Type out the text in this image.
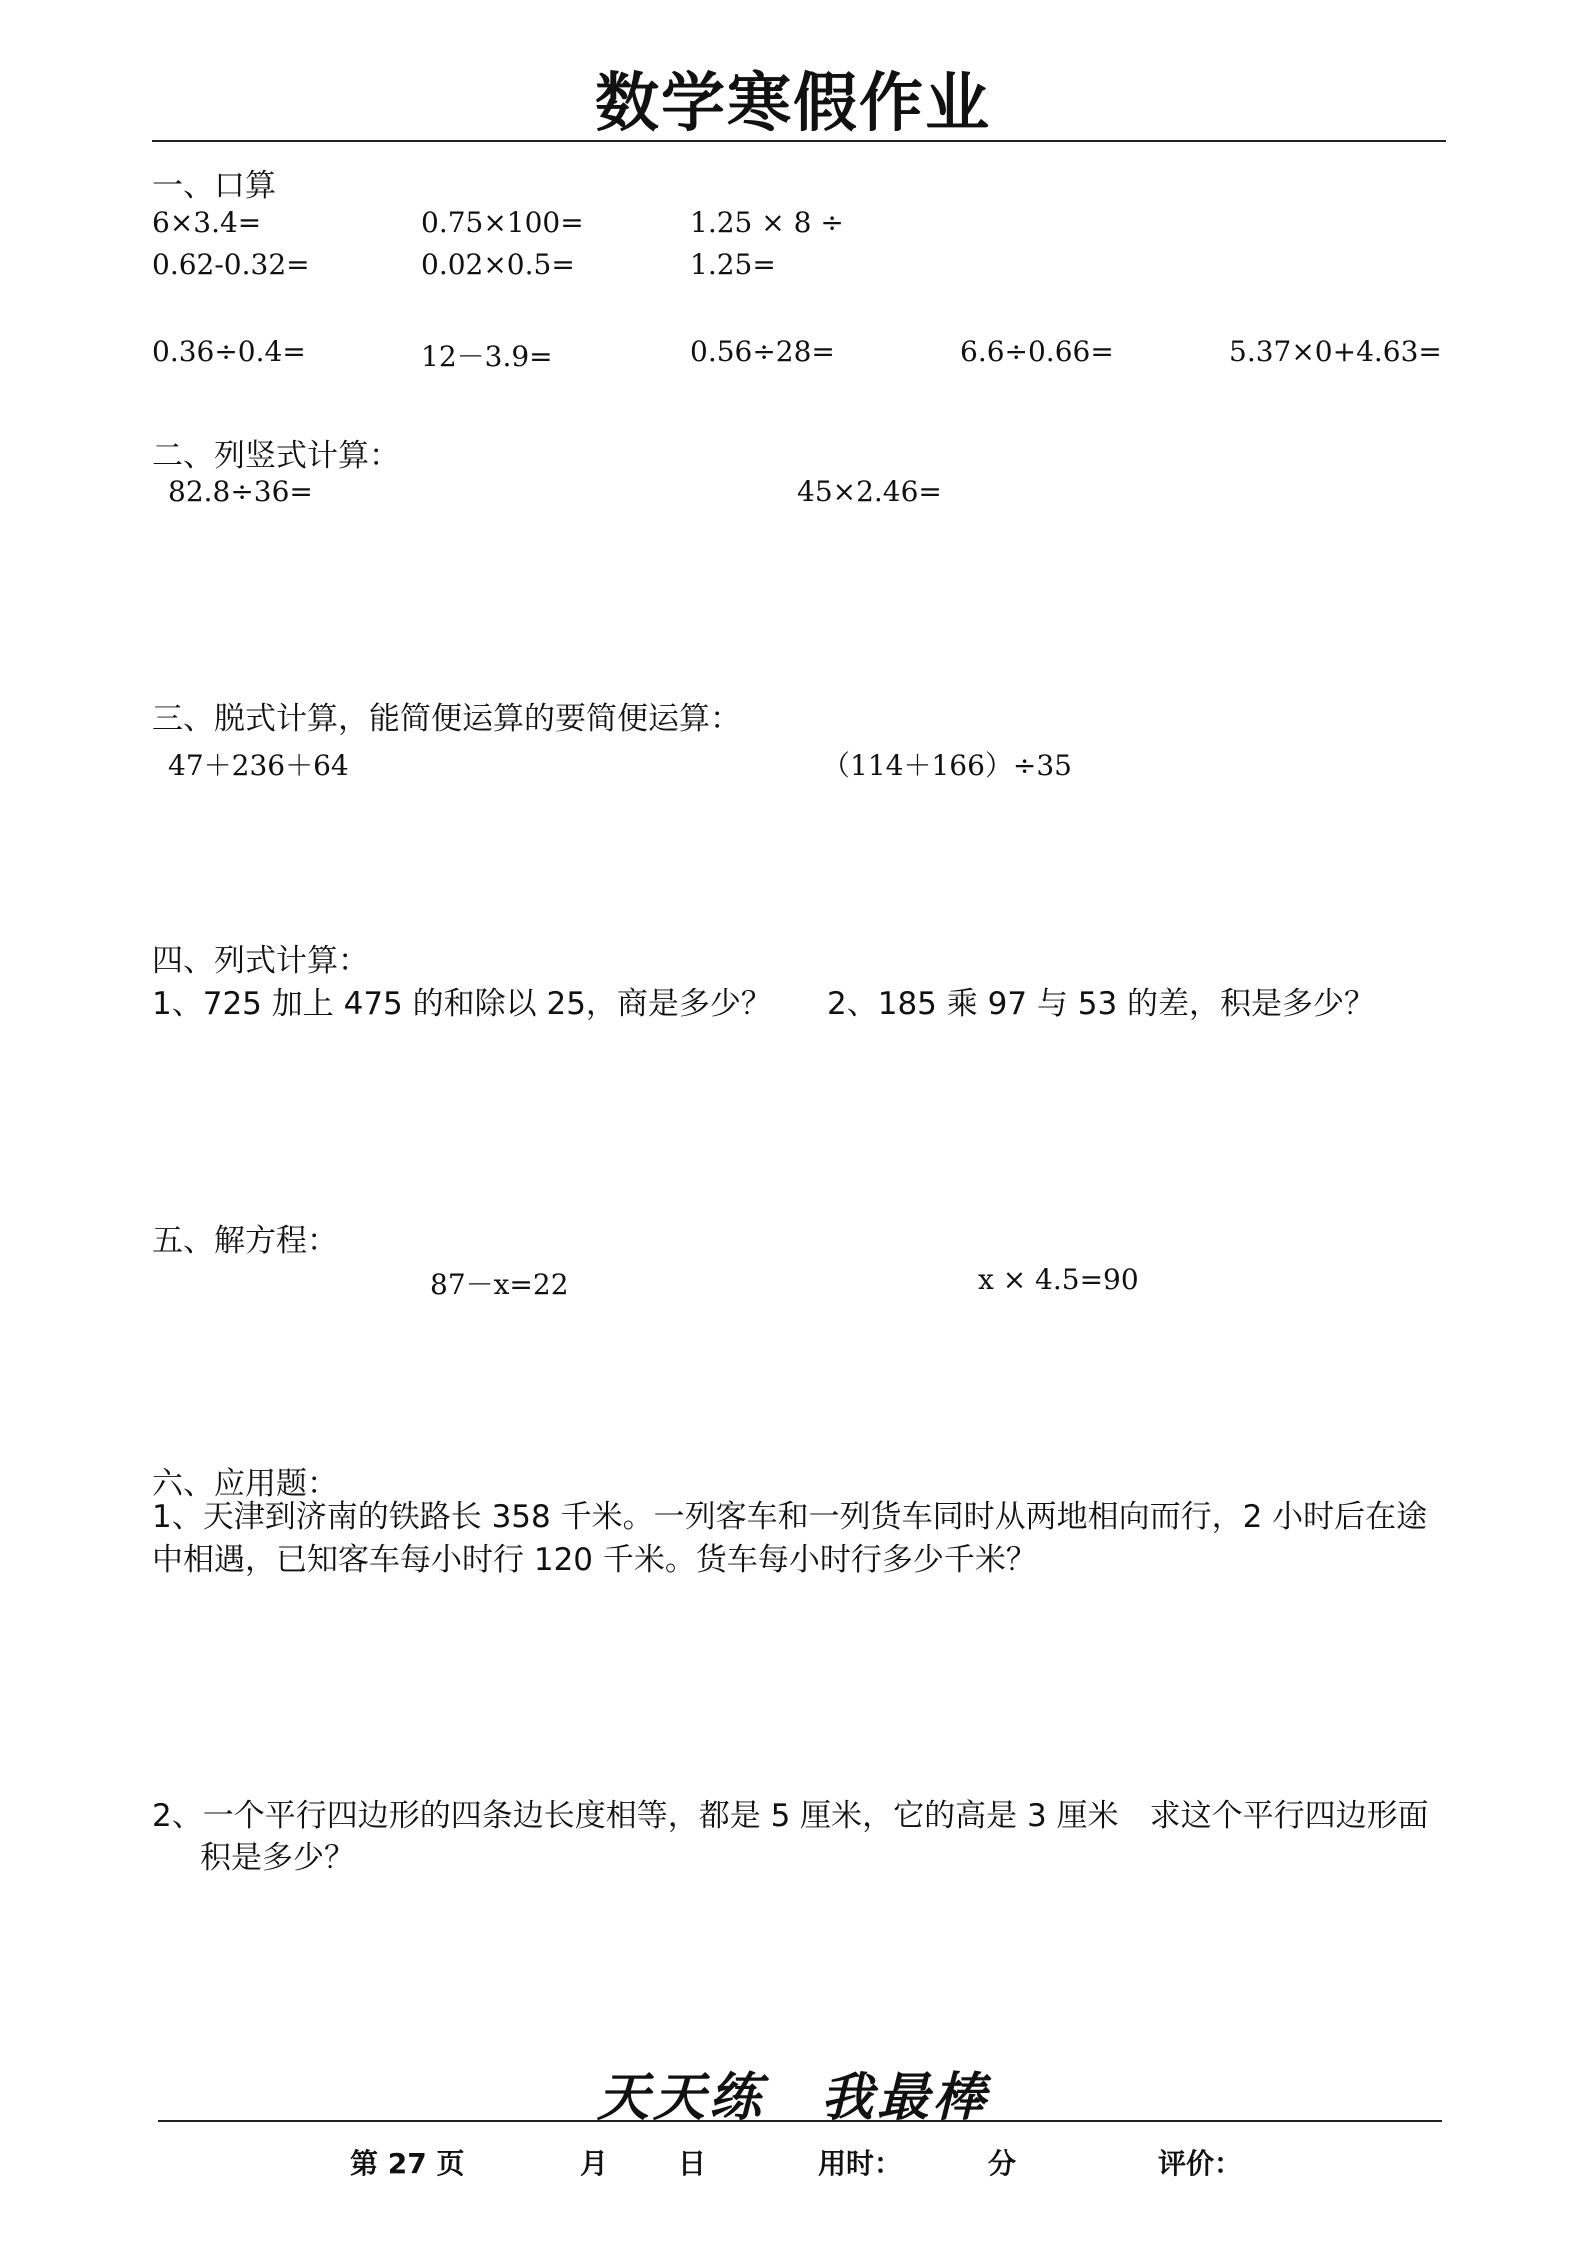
数学寒假作业
一、口算
6×3.4=	0.75×100=	1.25 × 8 ÷
0.62-0.32=	0.02×0.5=	1.25=
0.36÷0.4=	12－3.9=	0.56÷28=	6.6÷0.66=	5.37×0+4.63=
二、列竖式计算：
82.8÷36=	45×2.46=
三、脱式计算，能简便运算的要简便运算：
47＋236＋64	（114＋166）÷35
四、列式计算：
1、725 加上 475 的和除以 25，商是多少？ 2、185 乘 97 与 53 的差，积是多少？
五、解方程：
87－x=22	x × 4.5=90
六、应用题：
1、天津到济南的铁路长 358 千米。一列客车和一列货车同时从两地相向而行，2 小时后在途中相遇，已知客车每小时行 120 千米。货车每小时行多少千米？
2、一个平行四边形的四条边长度相等，都是 5 厘米，它的高是 3 厘米　求这个平行四边形面
积是多少？
天天练　我最棒
第 27 页	月 日	用时：	分	评价：
